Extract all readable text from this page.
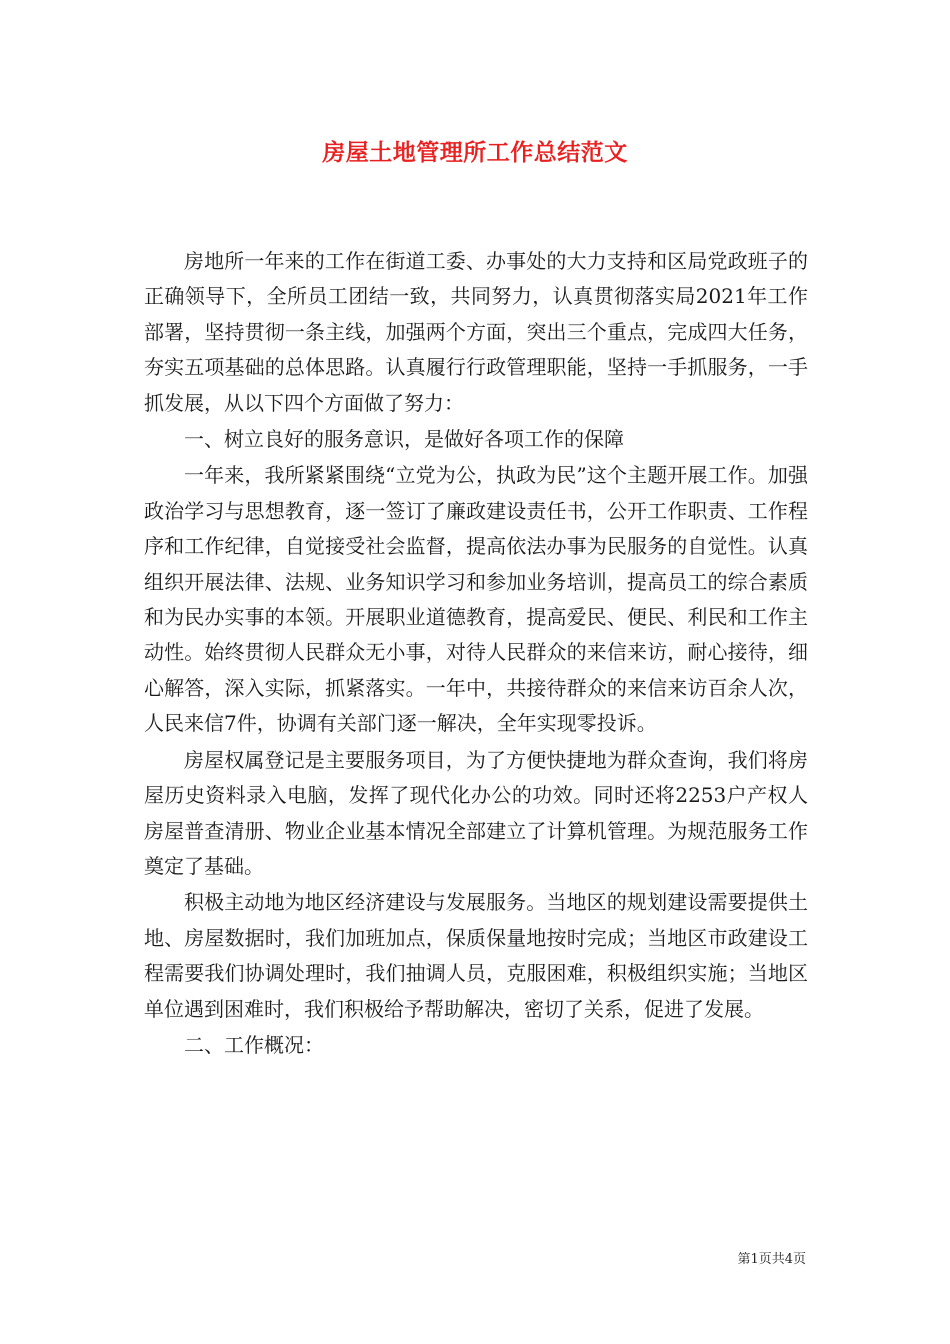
房屋土地管理所工作总结范文

房地所一年来的工作在街道工委、办事处的大力支持和区局党政班子的正确领导下，全所员工团结一致，共同努力，认真贯彻落实局2021年工作部署，坚持贯彻一条主线，加强两个方面，突出三个重点，完成四大任务，夯实五项基础的总体思路。认真履行行政管理职能，坚持一手抓服务，一手抓发展，从以下四个方面做了努力：

一、树立良好的服务意识，是做好各项工作的保障

一年来，我所紧紧围绕“立党为公，执政为民”这个主题开展工作。加强政治学习与思想教育，逐一签订了廉政建设责任书，公开工作职责、工作程序和工作纪律，自觉接受社会监督，提高依法办事为民服务的自觉性。认真组织开展法律、法规、业务知识学习和参加业务培训，提高员工的综合素质和为民办实事的本领。开展职业道德教育，提高爱民、便民、利民和工作主动性。始终贯彻人民群众无小事，对待人民群众的来信来访，耐心接待，细心解答，深入实际，抓紧落实。一年中，共接待群众的来信来访百余人次，人民来信7件，协调有关部门逐一解决，全年实现零投诉。

房屋权属登记是主要服务项目，为了方便快捷地为群众查询，我们将房屋历史资料录入电脑，发挥了现代化办公的功效。同时还将2253户产权人房屋普查清册、物业企业基本情况全部建立了计算机管理。为规范服务工作奠定了基础。

积极主动地为地区经济建设与发展服务。当地区的规划建设需要提供土地、房屋数据时，我们加班加点，保质保量地按时完成；当地区市政建设工程需要我们协调处理时，我们抽调人员，克服困难，积极组织实施；当地区单位遇到困难时，我们积极给予帮助解决，密切了关系，促进了发展。

二、工作概况：

第1页共4页
